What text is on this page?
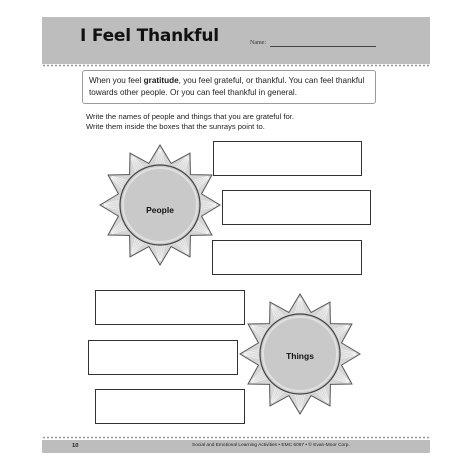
I Feel Thankful	Name:
When you feel gratitude, you feel grateful, or thankful. You can feel thankful
towards other people. Or you can feel thankful in general.
Write the names of people and things that you are grateful for.
Write them inside the boxes that the sunrays point to.
People
Things
10	Social and Emotional Learning Activities • EMC 6097 • © Evan-Moor Corp.
